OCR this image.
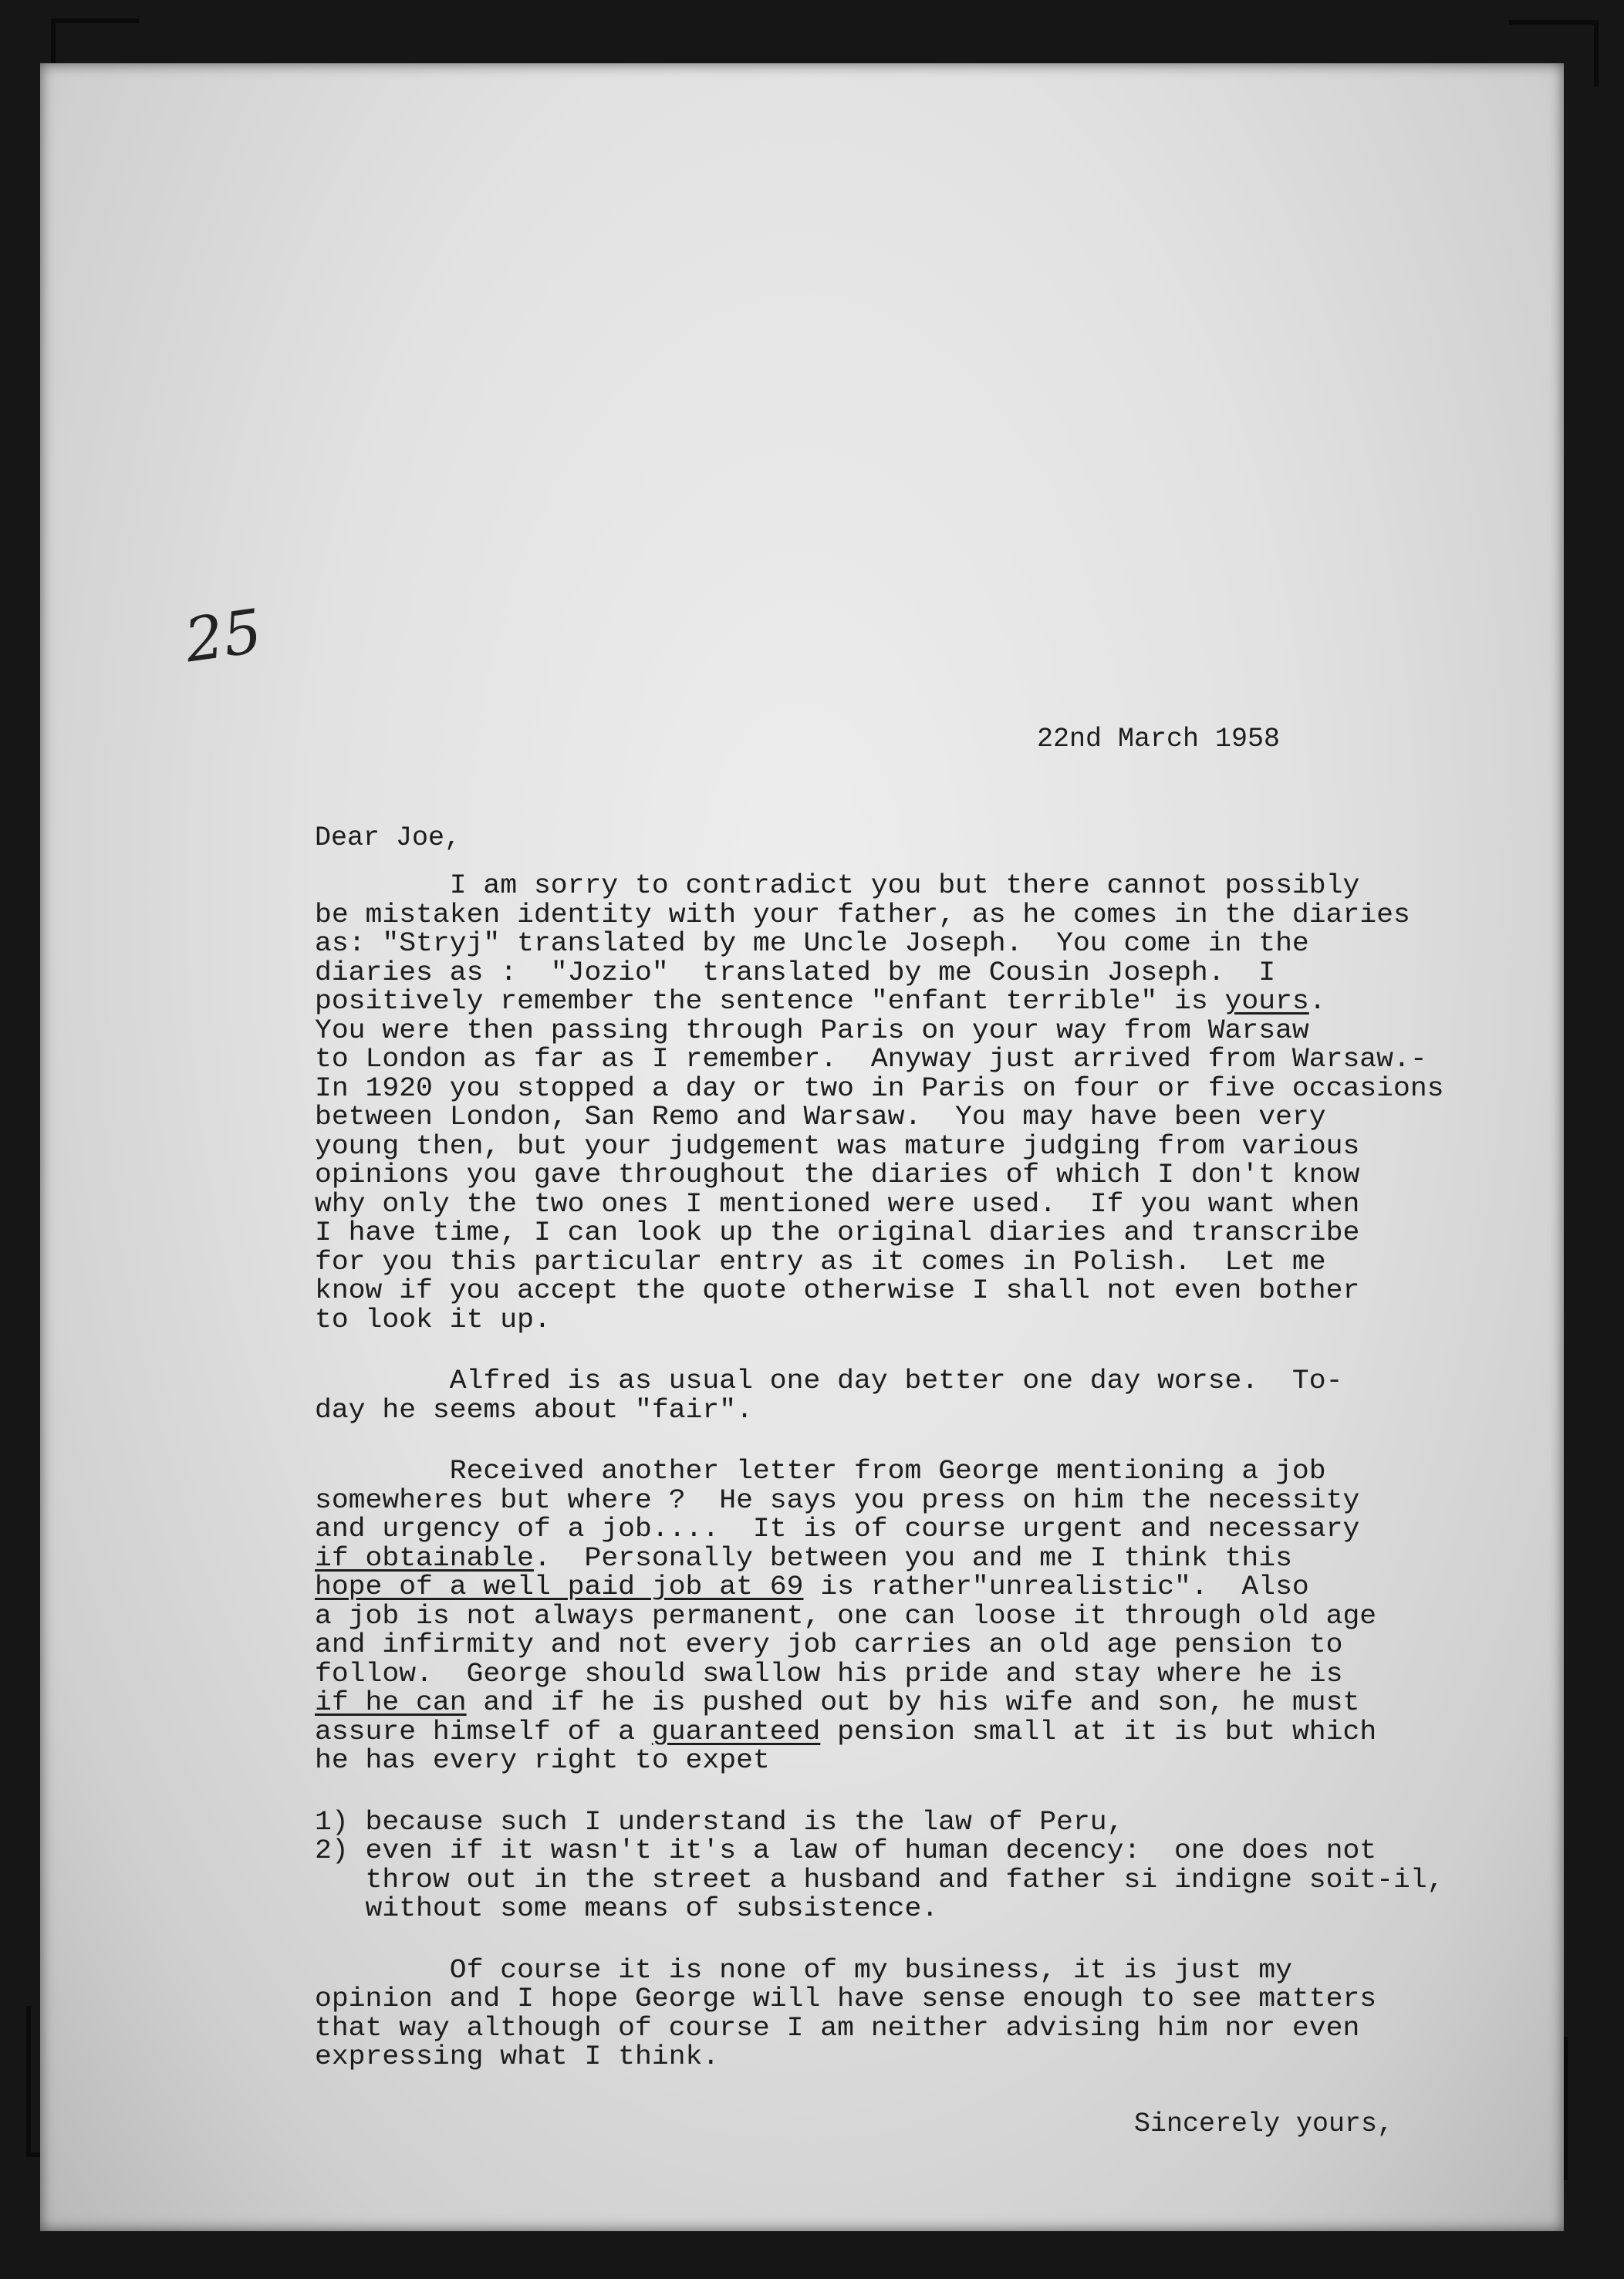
25
22nd March 1958
Dear Joe,
I am sorry to contradict you but there cannot possibly
be mistaken identity with your father, as he comes in the diaries
as: "Stryj" translated by me Uncle Joseph.  You come in the
diaries as :  "Jozio"  translated by me Cousin Joseph.  I
positively remember the sentence "enfant terrible" is yours.
You were then passing through Paris on your way from Warsaw
to London as far as I remember.  Anyway just arrived from Warsaw.-
In 1920 you stopped a day or two in Paris on four or five occasions
between London, San Remo and Warsaw.  You may have been very
young then, but your judgement was mature judging from various
opinions you gave throughout the diaries of which I don't know
why only the two ones I mentioned were used.  If you want when
I have time, I can look up the original diaries and transcribe
for you this particular entry as it comes in Polish.  Let me
know if you accept the quote otherwise I shall not even bother
to look it up.
Alfred is as usual one day better one day worse.  To-
day he seems about "fair".
Received another letter from George mentioning a job
somewheres but where ?  He says you press on him the necessity
and urgency of a job....  It is of course urgent and necessary
if obtainable.  Personally between you and me I think this
hope of a well paid job at 69 is rather"unrealistic".  Also
a job is not always permanent, one can loose it through old age
and infirmity and not every job carries an old age pension to
follow.  George should swallow his pride and stay where he is
if he can and if he is pushed out by his wife and son, he must
assure himself of a guaranteed pension small at it is but which
he has every right to expet
1) because such I understand is the law of Peru,
2) even if it wasn't it's a law of human decency:  one does not
throw out in the street a husband and father si indigne soit-il,
without some means of subsistence.
Of course it is none of my business, it is just my
opinion and I hope George will have sense enough to see matters
that way although of course I am neither advising him nor even
expressing what I think.
Sincerely yours,
